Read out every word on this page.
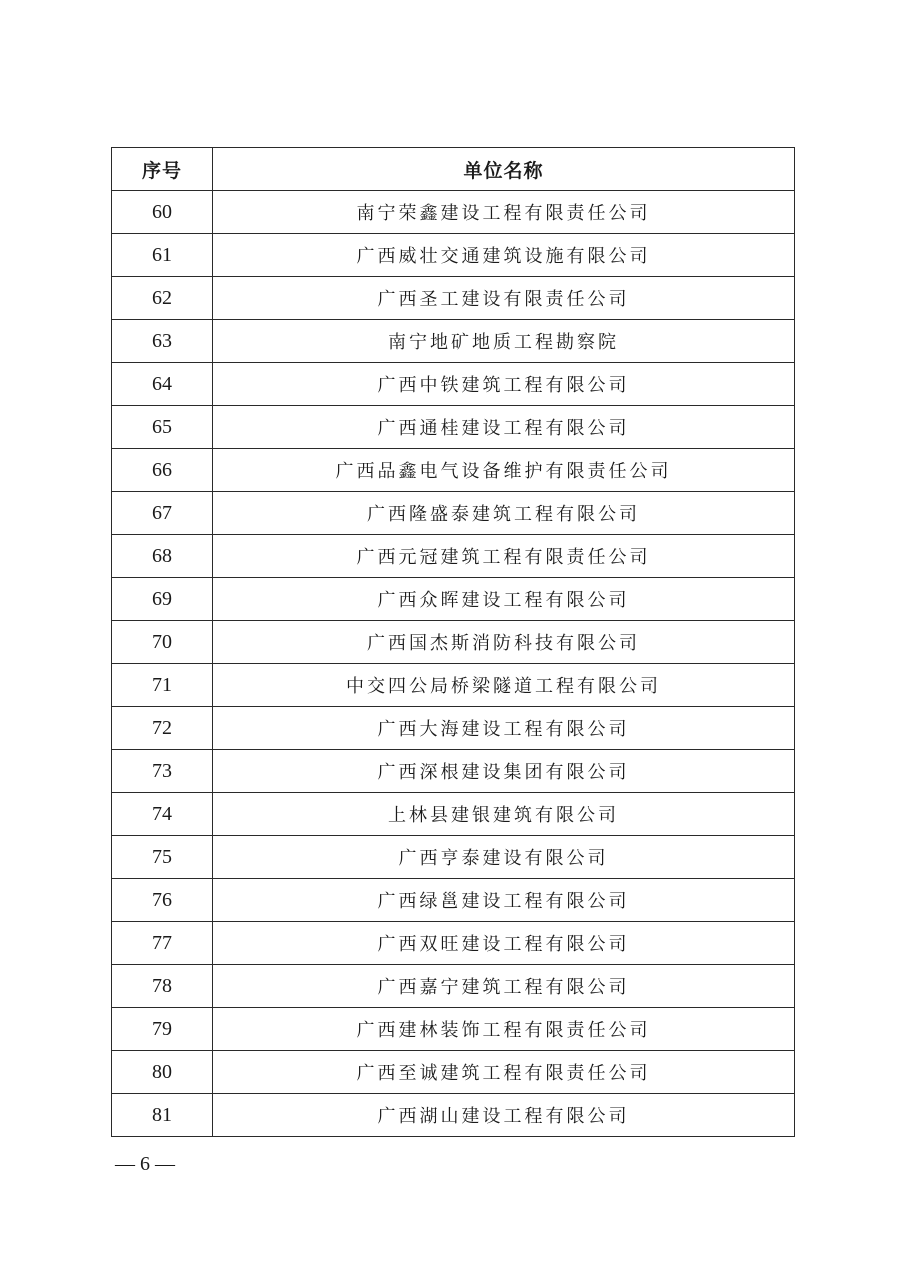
序号	单位名称
60	南宁荣鑫建设工程有限责任公司
61	广西威壮交通建筑设施有限公司
62	广西圣工建设有限责任公司
63	南宁地矿地质工程勘察院
64	广西中铁建筑工程有限公司
65	广西通桂建设工程有限公司
66	广西品鑫电气设备维护有限责任公司
67	广西隆盛泰建筑工程有限公司
68	广西元冠建筑工程有限责任公司
69	广西众晖建设工程有限公司
70	广西国杰斯消防科技有限公司
71	中交四公局桥梁隧道工程有限公司
72	广西大海建设工程有限公司
73	广西深根建设集团有限公司
74	上林县建银建筑有限公司
75	广西亨泰建设有限公司
76	广西绿邕建设工程有限公司
77	广西双旺建设工程有限公司
78	广西嘉宁建筑工程有限公司
79	广西建林装饰工程有限责任公司
80	广西至诚建筑工程有限责任公司
81	广西湖山建设工程有限公司
— 6 —
